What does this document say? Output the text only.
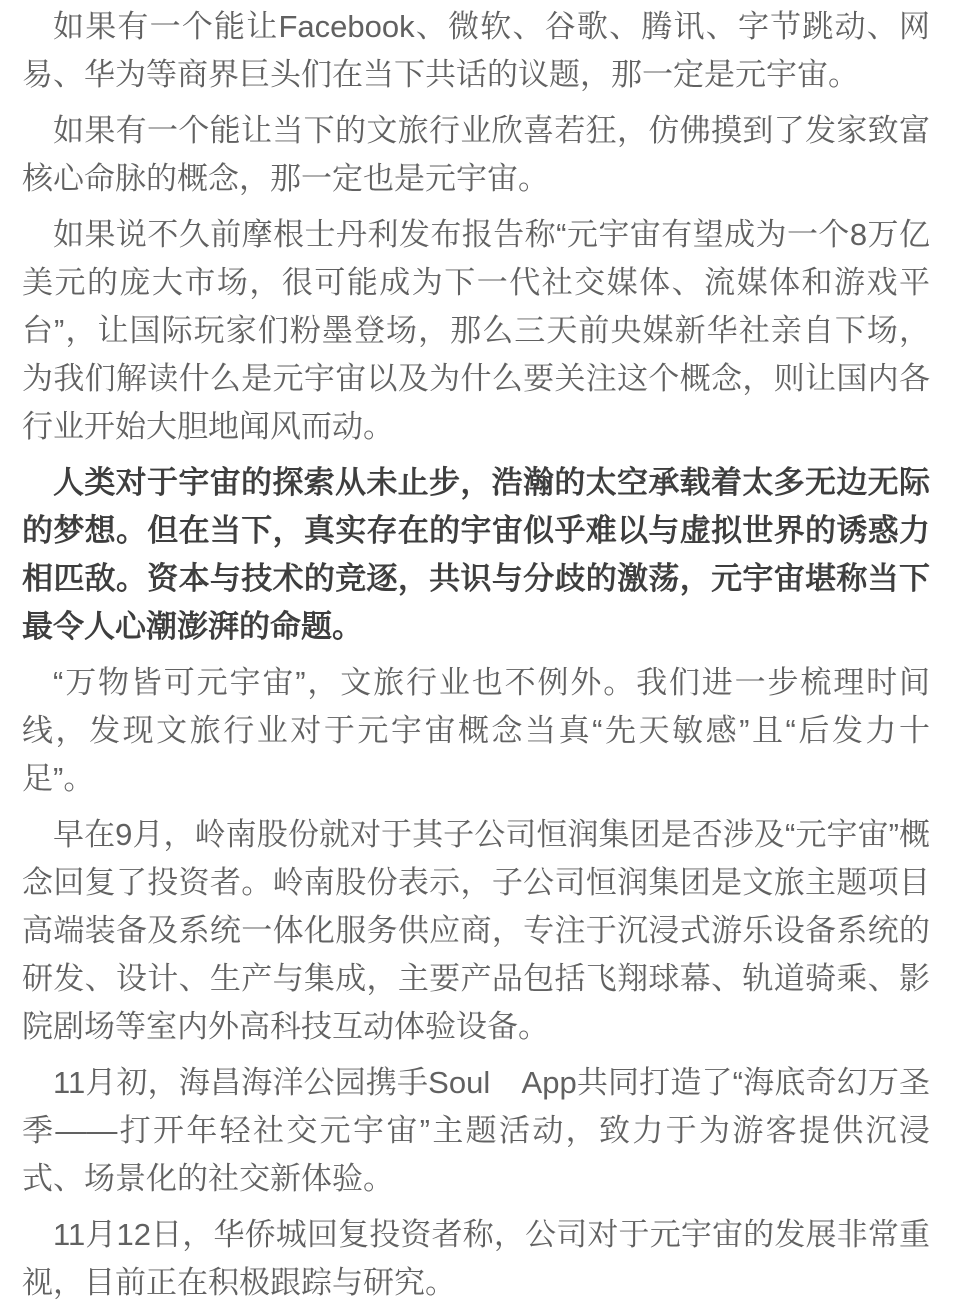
如果有一个能让Facebook、微软、谷歌、腾讯、字节跳动、网易、华为等商界巨头们在当下共话的议题，那一定是元宇宙。

如果有一个能让当下的文旅行业欣喜若狂，仿佛摸到了发家致富核心命脉的概念，那一定也是元宇宙。

如果说不久前摩根士丹利发布报告称“元宇宙有望成为一个8万亿美元的庞大市场，很可能成为下一代社交媒体、流媒体和游戏平台”，让国际玩家们粉墨登场，那么三天前央媒新华社亲自下场，为我们解读什么是元宇宙以及为什么要关注这个概念，则让国内各行业开始大胆地闻风而动。

人类对于宇宙的探索从未止步，浩瀚的太空承载着太多无边无际的梦想。但在当下，真实存在的宇宙似乎难以与虚拟世界的诱惑力相匹敌。资本与技术的竞逐，共识与分歧的激荡，元宇宙堪称当下最令人心潮澎湃的命题。

“万物皆可元宇宙”，文旅行业也不例外。我们进一步梳理时间线，发现文旅行业对于元宇宙概念当真“先天敏感”且“后发力十足”。

早在9月，岭南股份就对于其子公司恒润集团是否涉及“元宇宙”概念回复了投资者。岭南股份表示，子公司恒润集团是文旅主题项目高端装备及系统一体化服务供应商，专注于沉浸式游乐设备系统的研发、设计、生产与集成，主要产品包括飞翔球幕、轨道骑乘、影院剧场等室内外高科技互动体验设备。

11月初，海昌海洋公园携手Soul　App共同打造了“海底奇幻万圣季——打开年轻社交元宇宙”主题活动，致力于为游客提供沉浸式、场景化的社交新体验。

11月12日，华侨城回复投资者称，公司对于元宇宙的发展非常重视，目前正在积极跟踪与研究。
